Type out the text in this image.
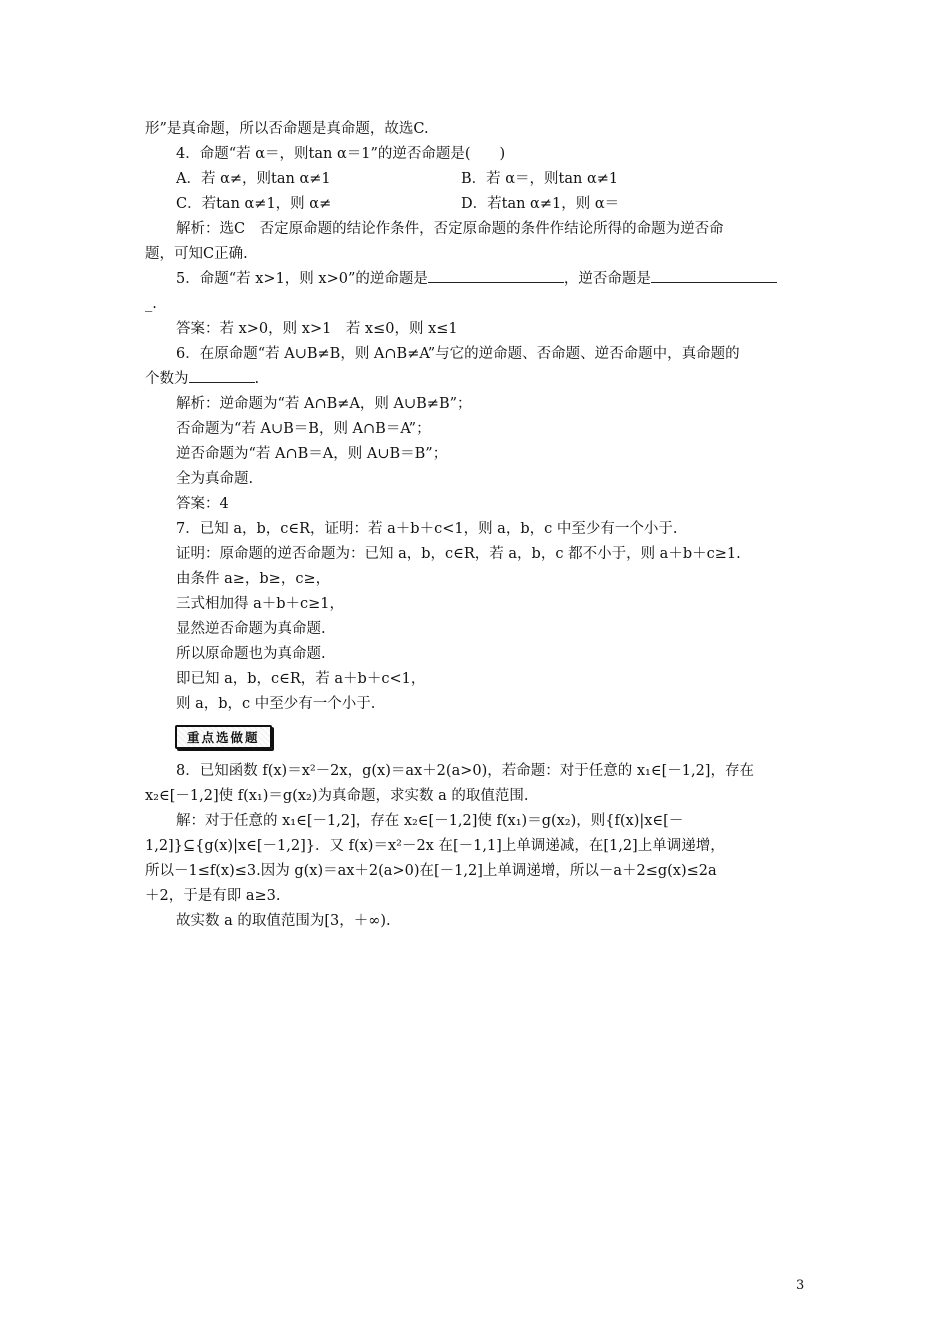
形”是真命题，所以否命题是真命题，故选C.
4．命题“若 α＝，则tan α＝1”的逆否命题是(　　)
A．若 α≠，则tan α≠1	B．若 α＝，则tan α≠1
C．若tan α≠1，则 α≠	D．若tan α≠1，则 α＝
解析：选C　否定原命题的结论作条件，否定原命题的条件作结论所得的命题为逆否命
题，可知C正确.
5．命题“若 x>1，则 x>0”的逆命题是	，逆否命题是
_.
答案：若 x>0，则 x>1　若 x≤0，则 x≤1
6．在原命题“若 A∪B≠B，则 A∩B≠A”与它的逆命题、否命题、逆否命题中，真命题的
个数为	.
解析：逆命题为“若 A∩B≠A，则 A∪B≠B”；
否命题为“若 A∪B＝B，则 A∩B＝A”；
逆否命题为“若 A∩B＝A，则 A∪B＝B”；
全为真命题.
答案：4
7．已知 a，b，c∈R，证明：若 a＋b＋c<1，则 a，b，c 中至少有一个小于.
证明：原命题的逆否命题为：已知 a，b，c∈R，若 a，b，c 都不小于，则 a＋b＋c≥1.
由条件 a≥，b≥，c≥，
三式相加得 a＋b＋c≥1，
显然逆否命题为真命题.
所以原命题也为真命题.
即已知 a，b，c∈R，若 a＋b＋c<1，
则 a，b，c 中至少有一个小于.
重点选做题
8．已知函数 f(x)＝x²－2x，g(x)＝ax＋2(a>0)，若命题：对于任意的 x₁∈[－1,2]，存在
x₂∈[－1,2]使 f(x₁)＝g(x₂)为真命题，求实数 a 的取值范围.
解：对于任意的 x₁∈[－1,2]，存在 x₂∈[－1,2]使 f(x₁)＝g(x₂)，则{f(x)|x∈[－
1,2]}⊆{g(x)|x∈[－1,2]}．又 f(x)＝x²－2x 在[－1,1]上单调递减，在[1,2]上单调递增，
所以－1≤f(x)≤3.因为 g(x)＝ax＋2(a>0)在[－1,2]上单调递增，所以－a＋2≤g(x)≤2a
＋2，于是有即 a≥3.
故实数 a 的取值范围为[3，＋∞).
3
